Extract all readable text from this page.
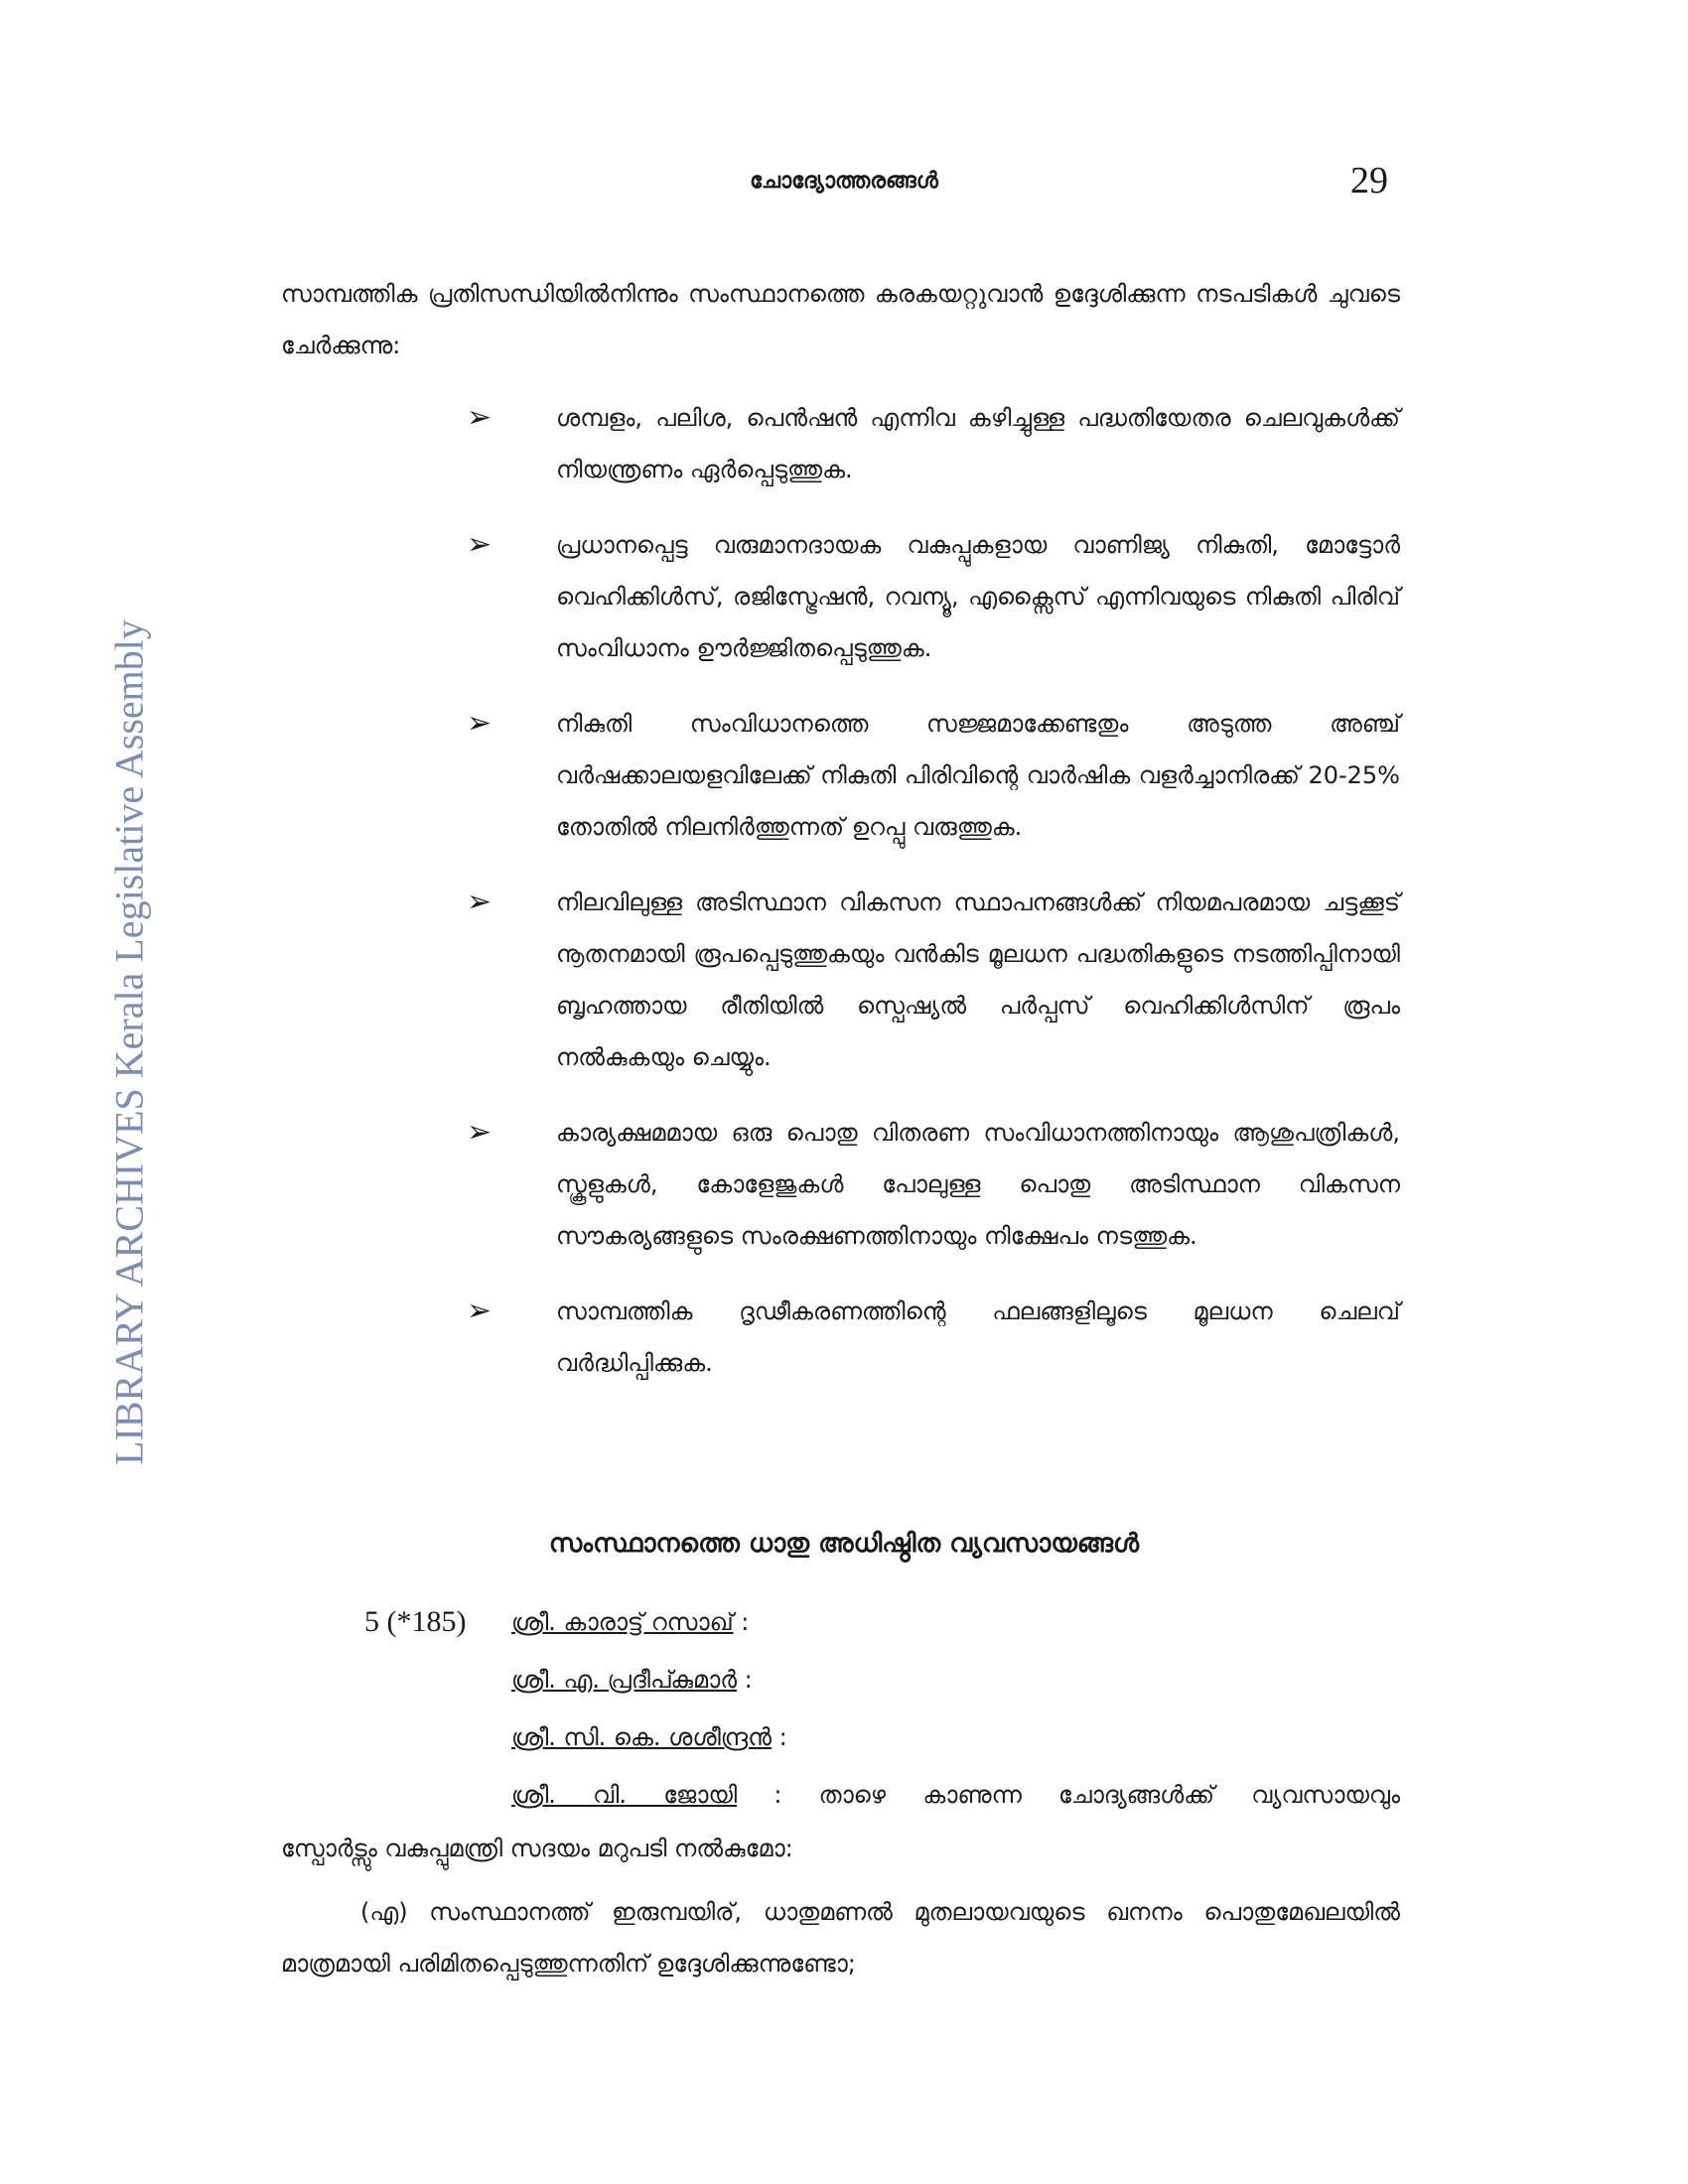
ചോദ്യോത്തരങ്ങൾ	29
LIBRARY ARCHIVES Kerala Legislative Assembly
സാമ്പത്തിക പ്രതിസന്ധിയിൽനിന്നും സംസ്ഥാനത്തെ കരകയറ്റുവാൻ ഉദ്ദേശിക്കുന്ന നടപടികൾ ചുവടെ ചേർക്കുന്നു:
➢	ശമ്പളം, പലിശ, പെൻഷൻ എന്നിവ കഴിച്ചുള്ള പദ്ധതിയേതര ചെലവുകൾക്ക് നിയന്ത്രണം ഏർപ്പെടുത്തുക.
➢	പ്രധാനപ്പെട്ട വരുമാനദായക വകുപ്പുകളായ വാണിജ്യ നികുതി, മോട്ടോർ വെഹിക്കിൾസ്, രജിസ്ട്രേഷൻ, റവന്യൂ, എക്സൈസ് എന്നിവയുടെ നികുതി പിരിവ് സംവിധാനം ഊർജ്ജിതപ്പെടുത്തുക.
➢	നികുതി സംവിധാനത്തെ സജ്ജമാക്കേണ്ടതും അടുത്ത അഞ്ച് വർഷക്കാലയളവിലേക്ക് നികുതി പിരിവിന്റെ വാർഷിക വളർച്ചാനിരക്ക് 20-25% തോതിൽ നിലനിർത്തുന്നത് ഉറപ്പു വരുത്തുക.
➢	നിലവിലുള്ള അടിസ്ഥാന വികസന സ്ഥാപനങ്ങൾക്ക് നിയമപരമായ ചട്ടക്കൂട് നൂതനമായി രൂപപ്പെടുത്തുകയും വൻകിട മൂലധന പദ്ധതികളുടെ നടത്തിപ്പിനായി ബൃഹത്തായ രീതിയിൽ സ്പെഷ്യൽ പർപ്പസ് വെഹിക്കിൾസിന് രൂപം നൽകുകയും ചെയ്യും.
➢	കാര്യക്ഷമമായ ഒരു പൊതു വിതരണ സംവിധാനത്തിനായും ആശുപത്രികൾ, സ്കൂളുകൾ, കോളേജുകൾ പോലുള്ള പൊതു അടിസ്ഥാന വികസന സൗകര്യങ്ങളുടെ സംരക്ഷണത്തിനായും നിക്ഷേപം നടത്തുക.
➢	സാമ്പത്തിക ദൃഢീകരണത്തിന്റെ ഫലങ്ങളിലൂടെ മൂലധന ചെലവ് വർദ്ധിപ്പിക്കുക.
സംസ്ഥാനത്തെ ധാതു അധിഷ്ഠിത വ്യവസായങ്ങൾ
5 (*185) ശ്രീ. കാരാട്ട് റസാഖ് :
ശ്രീ. എ. പ്രദീപ്കുമാർ :
ശ്രീ. സി. കെ. ശശീന്ദ്രൻ :
ശ്രീ. വി. ജോയി : താഴെ കാണുന്ന ചോദ്യങ്ങൾക്ക് വ്യവസായവും
സ്പോർട്സും വകുപ്പുമന്ത്രി സദയം മറുപടി നൽകുമോ:
(എ) സംസ്ഥാനത്ത് ഇരുമ്പയിര്, ധാതുമണൽ മുതലായവയുടെ ഖനനം പൊതുമേഖലയിൽ മാത്രമായി പരിമിതപ്പെടുത്തുന്നതിന് ഉദ്ദേശിക്കുന്നുണ്ടോ;
